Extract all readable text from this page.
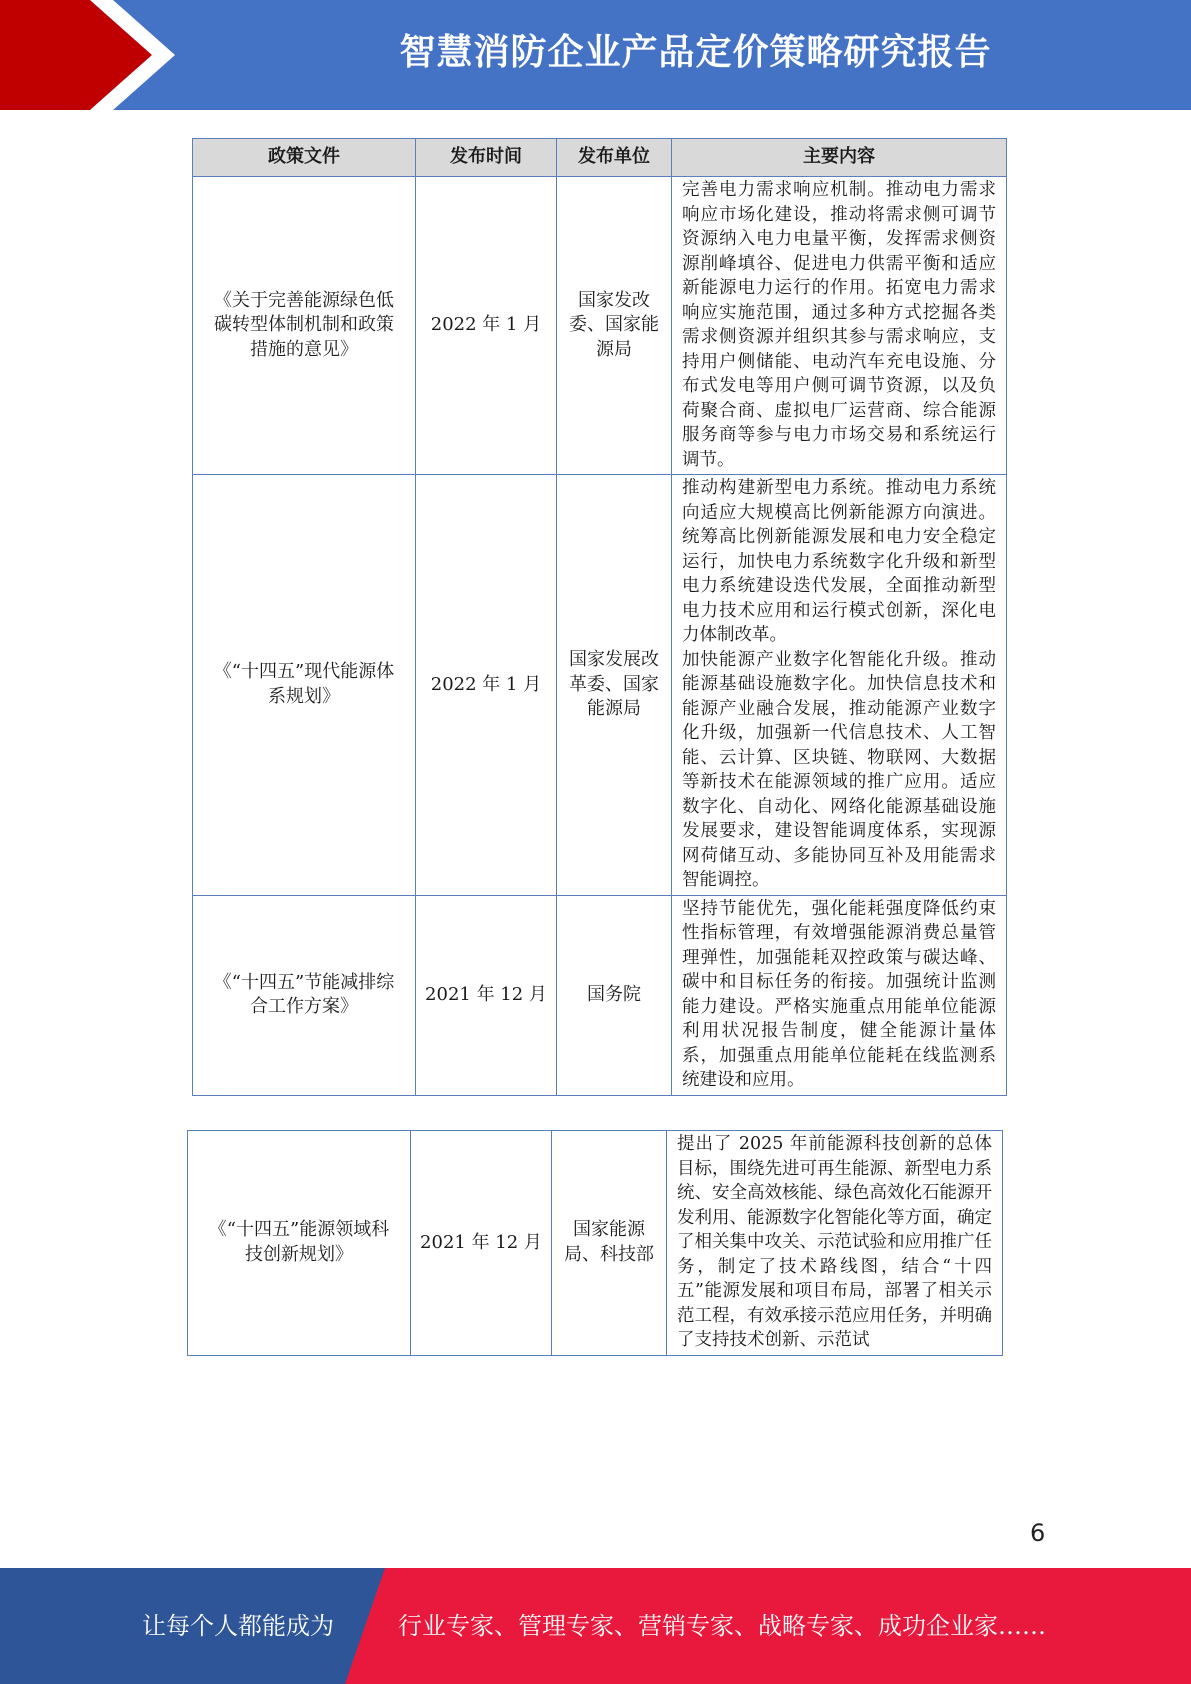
智慧消防企业产品定价策略研究报告
政策文件	发布时间	发布单位	主要内容
《关于完善能源绿色低碳转型体制机制和政策措施的意见》	2022 年 1 月	国家发改委、国家能源局	完善电力需求响应机制。推动电力需求响应市场化建设，推动将需求侧可调节资源纳入电力电量平衡，发挥需求侧资源削峰填谷、促进电力供需平衡和适应新能源电力运行的作用。拓宽电力需求响应实施范围，通过多种方式挖掘各类需求侧资源并组织其参与需求响应，支持用户侧储能、电动汽车充电设施、分布式发电等用户侧可调节资源，以及负荷聚合商、虚拟电厂运营商、综合能源服务商等参与电力市场交易和系统运行调节。
《“十四五”现代能源体系规划》	2022 年 1 月	国家发展改革委、国家能源局	推动构建新型电力系统。推动电力系统向适应大规模高比例新能源方向演进。统筹高比例新能源发展和电力安全稳定运行，加快电力系统数字化升级和新型电力系统建设迭代发展，全面推动新型电力技术应用和运行模式创新，深化电力体制改革。
加快能源产业数字化智能化升级。推动能源基础设施数字化。加快信息技术和能源产业融合发展，推动能源产业数字化升级，加强新一代信息技术、人工智能、云计算、区块链、物联网、大数据等新技术在能源领域的推广应用。适应数字化、自动化、网络化能源基础设施发展要求，建设智能调度体系，实现源网荷储互动、多能协同互补及用能需求智能调控。

《“十四五”节能减排综合工作方案》	2021 年 12 月	国务院	坚持节能优先，强化能耗强度降低约束性指标管理，有效增强能源消费总量管理弹性，加强能耗双控政策与碳达峰、碳中和目标任务的衔接。加强统计监测能力建设。严格实施重点用能单位能源利用状况报告制度，健全能源计量体系，加强重点用能单位能耗在线监测系统建设和应用。
《“十四五”能源领域科技创新规划》	2021 年 12 月	国家能源局、科技部	提出了 2025 年前能源科技创新的总体目标，围绕先进可再生能源、新型电力系统、安全高效核能、绿色高效化石能源开发利用、能源数字化智能化等方面，确定了相关集中攻关、示范试验和应用推广任务，制定了技术路线图，结合“十四五”能源发展和项目布局，部署了相关示范工程，有效承接示范应用任务，并明确了支持技术创新、示范试
6
让每个人都能成为	行业专家、管理专家、营销专家、战略专家、成功企业家……
